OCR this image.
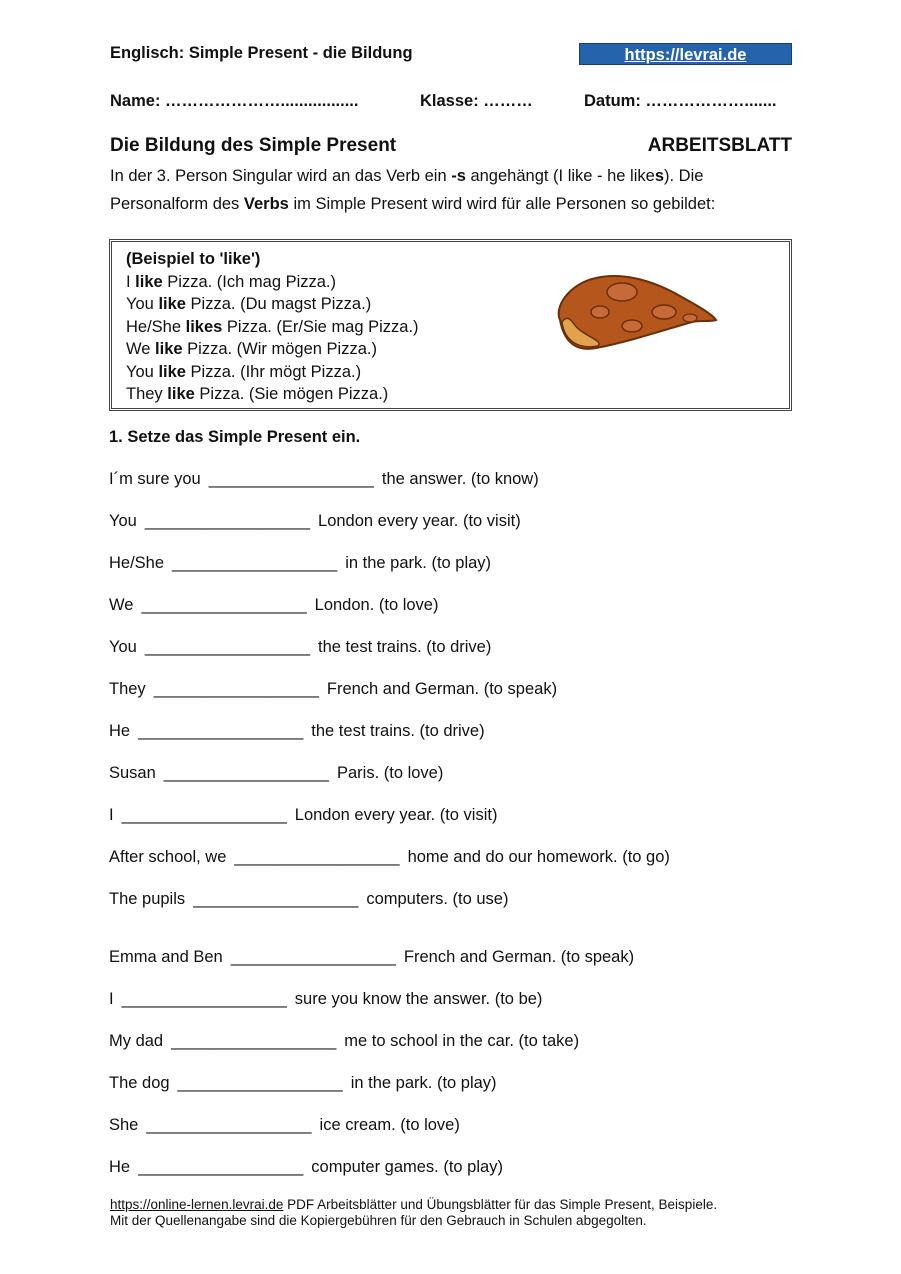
Englisch: Simple Present - die Bildung	https://levrai.de
Name: ………………….................	Klasse: ………	Datum: ……………….......
Die Bildung des Simple Present	ARBEITSBLATT
In der 3. Person Singular wird an das Verb ein -s angehängt (I like - he likes). Die Personalform des Verbs im Simple Present wird wird für alle Personen so gebildet:
(Beispiel to 'like')
I like Pizza. (Ich mag Pizza.)
You like Pizza. (Du magst Pizza.)
He/She likes Pizza. (Er/Sie mag Pizza.)
We like Pizza. (Wir mögen Pizza.)
You like Pizza. (Ihr mögt Pizza.)
They like Pizza. (Sie mögen Pizza.)
1. Setze das Simple Present ein.
I´m sure you __________________ the answer. (to know)
You __________________ London every year. (to visit)
He/She __________________ in the park. (to play)
We __________________ London. (to love)
You __________________ the test trains. (to drive)
They __________________ French and German. (to speak)
He __________________ the test trains. (to drive)
Susan __________________ Paris. (to love)
I __________________ London every year. (to visit)
After school, we __________________ home and do our homework. (to go)
The pupils __________________ computers. (to use)
Emma and Ben __________________ French and German. (to speak)
I __________________ sure you know the answer. (to be)
My dad __________________ me to school in the car. (to take)
The dog __________________ in the park. (to play)
She __________________ ice cream. (to love)
He __________________ computer games. (to play)
https://online-lernen.levrai.de PDF Arbeitsblätter und Übungsblätter für das Simple Present, Beispiele.
Mit der Quellenangabe sind die Kopiergebühren für den Gebrauch in Schulen abgegolten.
